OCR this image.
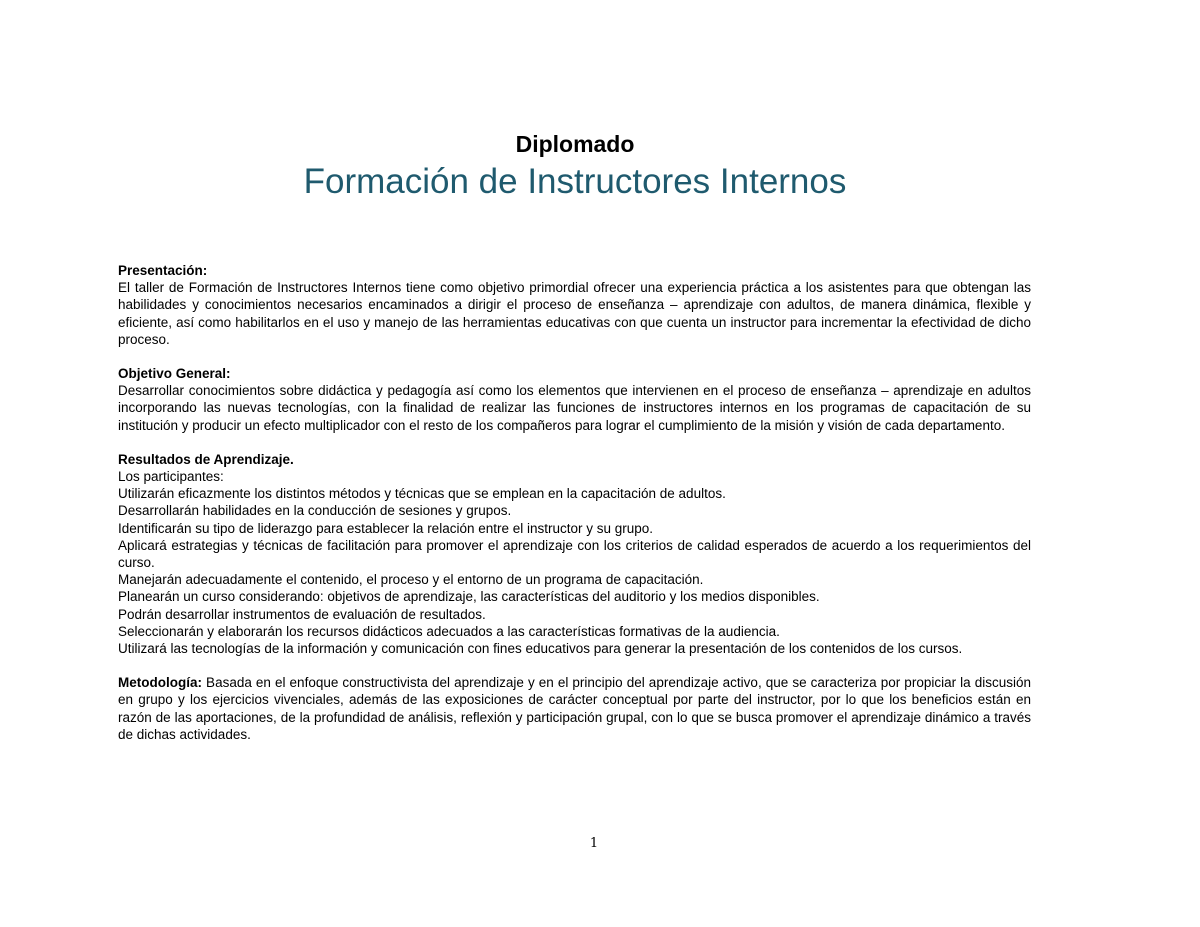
Diplomado
Formación de Instructores Internos
Presentación:
El taller de Formación de Instructores Internos tiene como objetivo primordial ofrecer una experiencia práctica a los asistentes para que obtengan las habilidades y conocimientos necesarios encaminados a dirigir el proceso de enseñanza – aprendizaje con adultos, de manera dinámica, flexible y eficiente, así como habilitarlos en el uso y manejo de las herramientas educativas con que cuenta un instructor para incrementar la efectividad de dicho proceso.
Objetivo General:
Desarrollar conocimientos sobre didáctica y pedagogía así como los elementos que intervienen en el proceso de enseñanza – aprendizaje en adultos incorporando las nuevas tecnologías, con la finalidad de realizar las funciones de instructores internos en los programas de capacitación de su institución y producir un efecto multiplicador con el resto de los compañeros para lograr el cumplimiento de la misión y visión de cada departamento.
Resultados de Aprendizaje.
Los participantes:
Utilizarán eficazmente los distintos métodos y técnicas que se emplean en la capacitación de adultos.
Desarrollarán habilidades en la conducción de sesiones y grupos.
Identificarán su tipo de liderazgo para establecer la relación entre el instructor y su grupo.
Aplicará estrategias y técnicas de facilitación para promover el aprendizaje con los criterios de calidad esperados de acuerdo a los requerimientos del curso.
Manejarán adecuadamente el contenido, el proceso y el entorno de un programa de capacitación.
Planearán un curso considerando: objetivos de aprendizaje, las características del auditorio y los medios disponibles.
Podrán desarrollar instrumentos de evaluación de resultados.
Seleccionarán y elaborarán los recursos didácticos adecuados a las características formativas de la audiencia.
Utilizará las tecnologías de la información y comunicación con fines educativos para generar la presentación de los contenidos de los cursos.
Metodología: Basada en el enfoque constructivista del aprendizaje y en el principio del aprendizaje activo, que se caracteriza por propiciar la discusión en grupo y los ejercicios vivenciales, además de las exposiciones de carácter conceptual por parte del instructor, por lo que los beneficios están en razón de las aportaciones, de la profundidad de análisis, reflexión y participación grupal, con lo que se busca promover el aprendizaje dinámico a través de dichas actividades.
1
